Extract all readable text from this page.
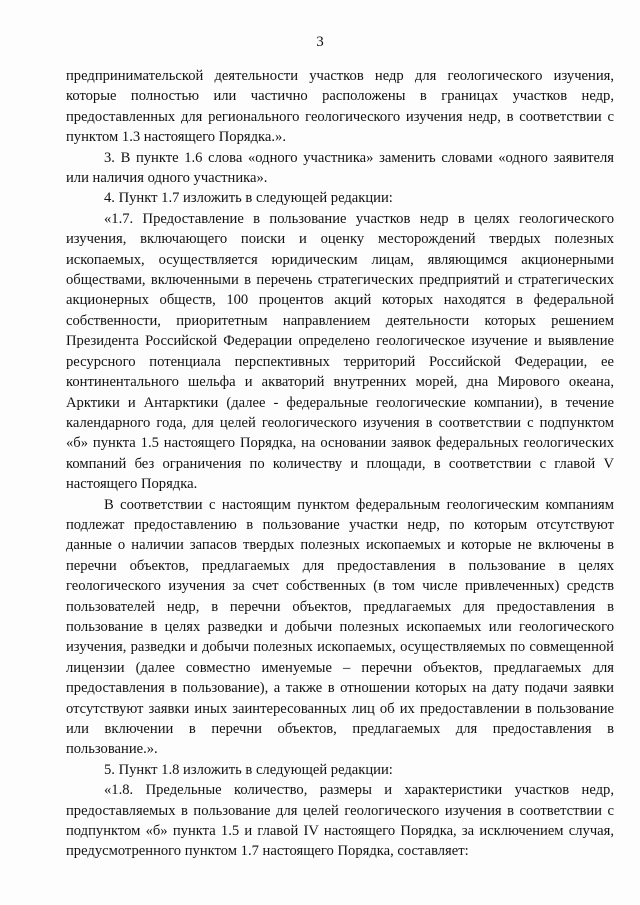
3

предпринимательской деятельности участков недр для геологического изучения, которые полностью или частично расположены в границах участков недр, предоставленных для регионального геологического изучения недр, в соответствии с пунктом 1.3 настоящего Порядка.».

3. В пункте 1.6 слова «одного участника» заменить словами «одного заявителя или наличия одного участника».

4. Пункт 1.7 изложить в следующей редакции:

«1.7. Предоставление в пользование участков недр в целях геологического изучения, включающего поиски и оценку месторождений твердых полезных ископаемых, осуществляется юридическим лицам, являющимся акционерными обществами, включенными в перечень стратегических предприятий и стратегических акционерных обществ, 100 процентов акций которых находятся в федеральной собственности, приоритетным направлением деятельности которых решением Президента Российской Федерации определено геологическое изучение и выявление ресурсного потенциала перспективных территорий Российской Федерации, ее континентального шельфа и акваторий внутренних морей, дна Мирового океана, Арктики и Антарктики (далее - федеральные геологические компании), в течение календарного года, для целей геологического изучения в соответствии с подпунктом «б» пункта 1.5 настоящего Порядка, на основании заявок федеральных геологических компаний без ограничения по количеству и площади, в соответствии с главой V настоящего Порядка.

В соответствии с настоящим пунктом федеральным геологическим компаниям подлежат предоставлению в пользование участки недр, по которым отсутствуют данные о наличии запасов твердых полезных ископаемых и которые не включены в перечни объектов, предлагаемых для предоставления в пользование в целях геологического изучения за счет собственных (в том числе привлеченных) средств пользователей недр, в перечни объектов, предлагаемых для предоставления в пользование в целях разведки и добычи полезных ископаемых или геологического изучения, разведки и добычи полезных ископаемых, осуществляемых по совмещенной лицензии (далее совместно именуемые – перечни объектов, предлагаемых для предоставления в пользование), а также в отношении которых на дату подачи заявки отсутствуют заявки иных заинтересованных лиц об их предоставлении в пользование или включении в перечни объектов, предлагаемых для предоставления в пользование.».

5. Пункт 1.8 изложить в следующей редакции:

«1.8. Предельные количество, размеры и характеристики участков недр, предоставляемых в пользование для целей геологического изучения в соответствии с подпунктом «б» пункта 1.5 и главой IV настоящего Порядка, за исключением случая, предусмотренного пунктом 1.7 настоящего Порядка, составляет:
